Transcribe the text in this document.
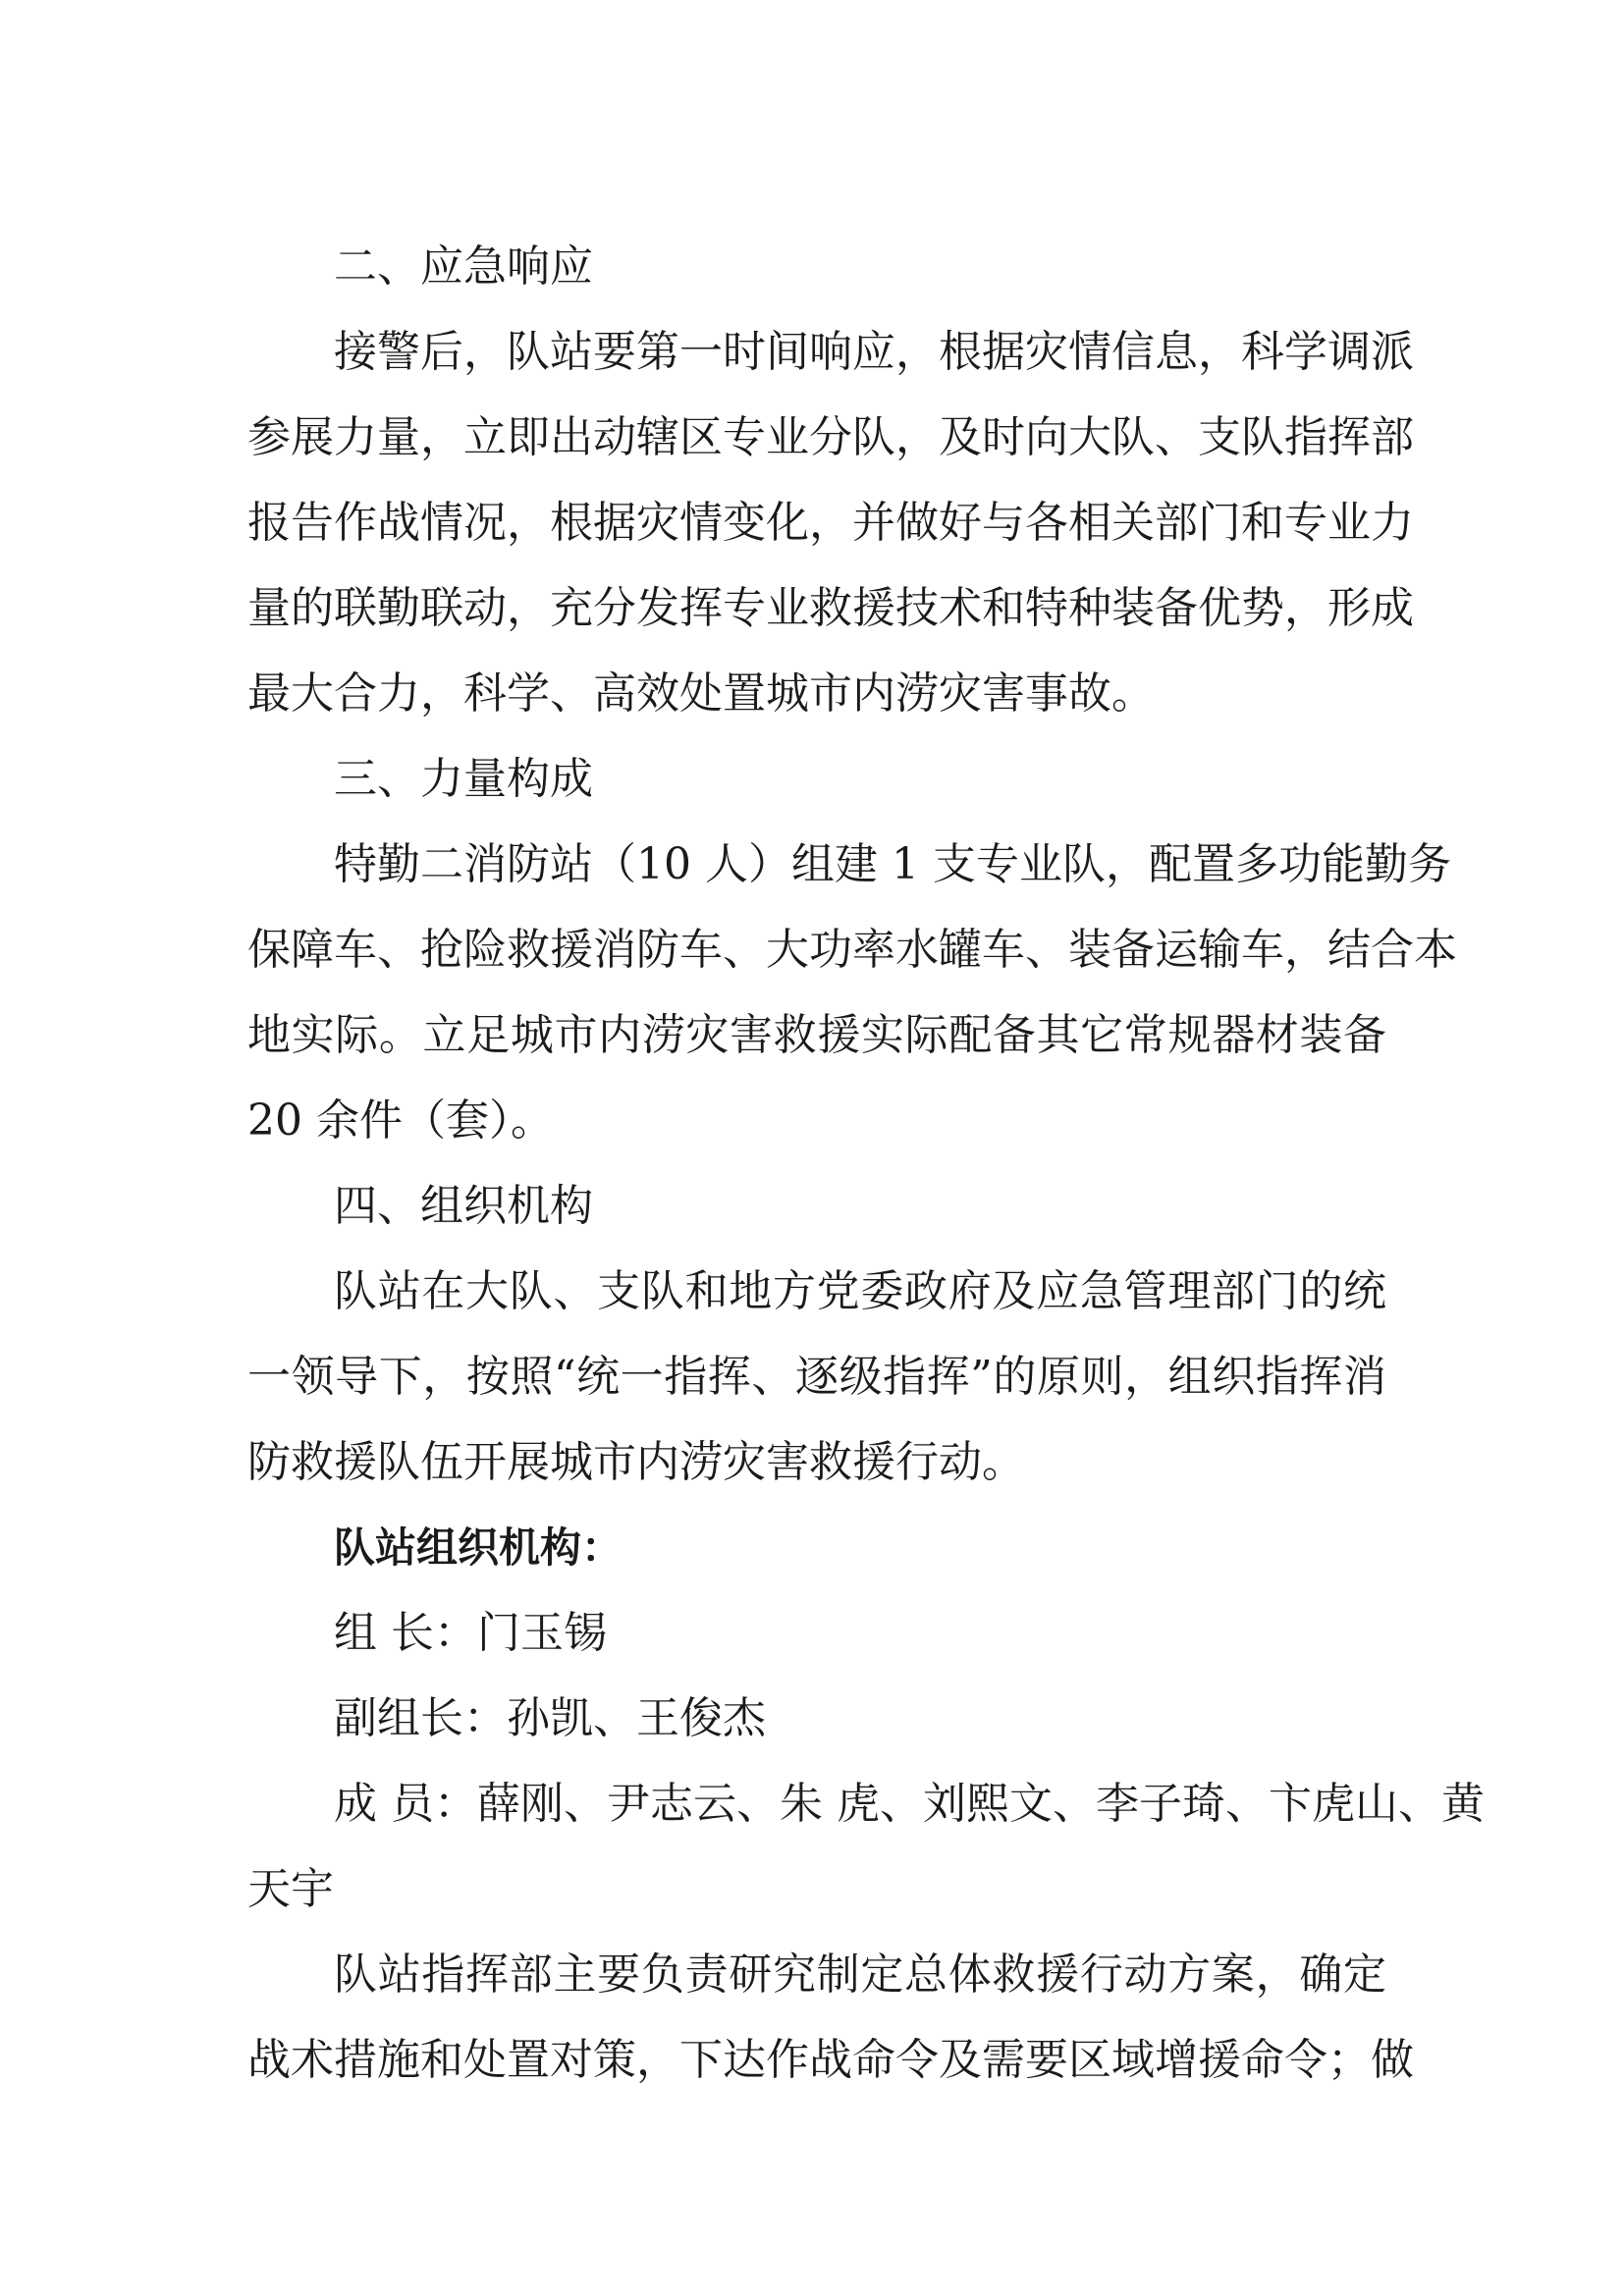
二、应急响应
接警后，队站要第一时间响应，根据灾情信息，科学调派
参展力量，立即出动辖区专业分队，及时向大队、支队指挥部
报告作战情况，根据灾情变化，并做好与各相关部门和专业力
量的联勤联动，充分发挥专业救援技术和特种装备优势，形成
最大合力，科学、高效处置城市内涝灾害事故。
三、力量构成
特勤二消防站（10 人）组建 1 支专业队，配置多功能勤务
保障车、抢险救援消防车、大功率水罐车、装备运输车，结合本
地实际。立足城市内涝灾害救援实际配备其它常规器材装备
20 余件（套）。
四、组织机构
队站在大队、支队和地方党委政府及应急管理部门的统
一领导下，按照“统一指挥、逐级指挥”的原则，组织指挥消
防救援队伍开展城市内涝灾害救援行动。
队站组织机构：
组 长：门玉锡
副组长：孙凯、王俊杰
成 员：薛刚、尹志云、朱 虎、刘熙文、李子琦、卞虎山、黄
天宇
队站指挥部主要负责研究制定总体救援行动方案，确定
战术措施和处置对策，下达作战命令及需要区域增援命令；做
